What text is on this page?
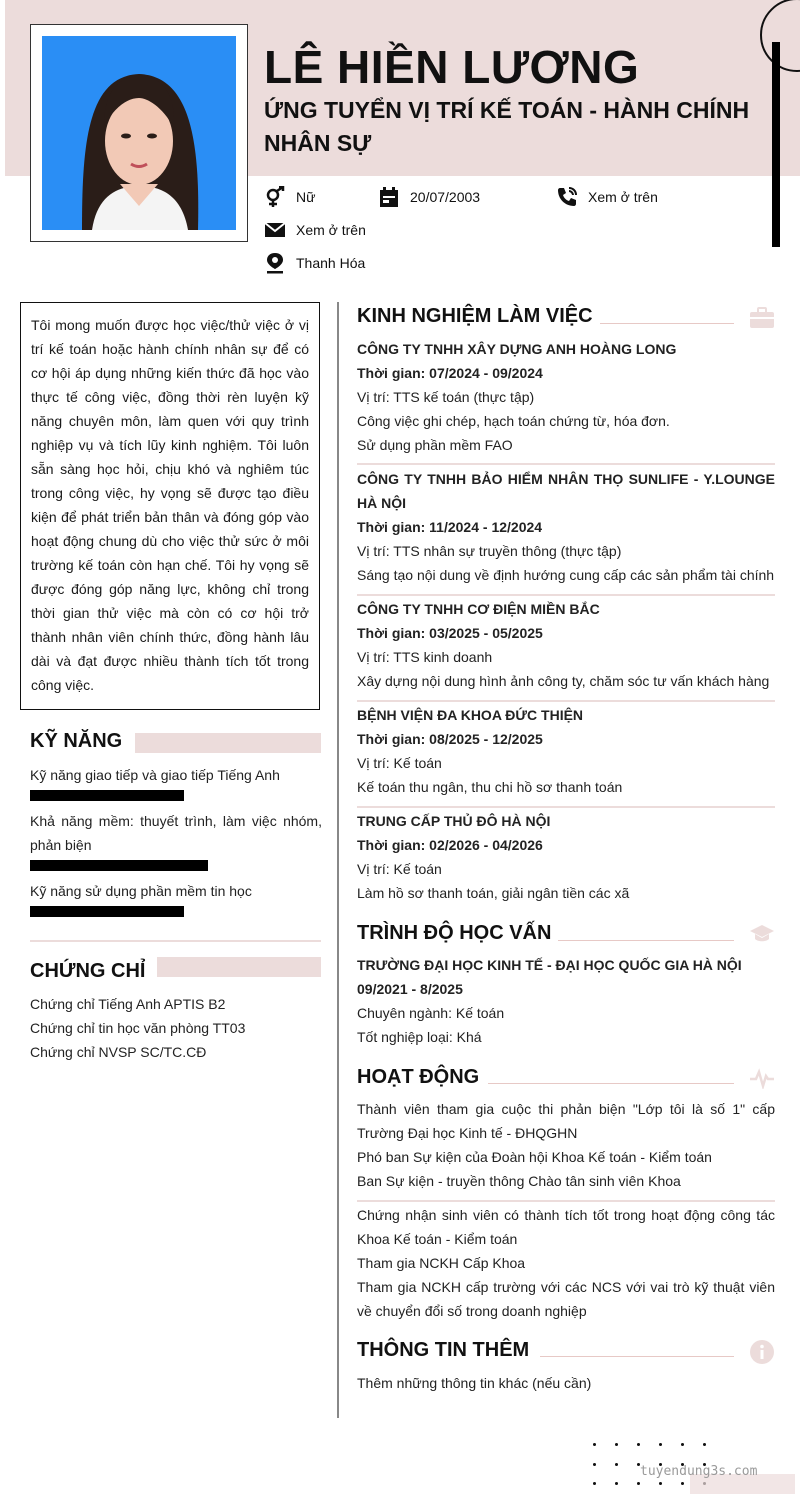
LÊ HIỀN LƯƠNG
ỨNG TUYỂN VỊ TRÍ KẾ TOÁN - HÀNH CHÍNH NHÂN SỰ
Nữ	20/07/2003	Xem ở trên
Xem ở trên
Thanh Hóa
Tôi mong muốn được học việc/thử việc ở vị trí kế toán hoặc hành chính nhân sự để có cơ hội áp dụng những kiến thức đã học vào thực tế công việc, đồng thời rèn luyện kỹ năng chuyên môn, làm quen với quy trình nghiệp vụ và tích lũy kinh nghiệm. Tôi luôn sẵn sàng học hỏi, chịu khó và nghiêm túc trong công việc, hy vọng sẽ được tạo điều kiện để phát triển bản thân và đóng góp vào hoạt động chung dù cho việc thử sức ở môi trường kế toán còn hạn chế. Tôi hy vọng sẽ được đóng góp năng lực, không chỉ trong thời gian thử việc mà còn có cơ hội trở thành nhân viên chính thức, đồng hành lâu dài và đạt được nhiều thành tích tốt trong công việc.
KỸ NĂNG
Kỹ năng giao tiếp và giao tiếp Tiếng Anh
Khả năng mềm: thuyết trình, làm việc nhóm, phản biện
Kỹ năng sử dụng phần mềm tin học
CHỨNG CHỈ
Chứng chỉ Tiếng Anh APTIS B2
Chứng chỉ tin học văn phòng TT03
Chứng chỉ NVSP SC/TC.CĐ
KINH NGHIỆM LÀM VIỆC
CÔNG TY TNHH XÂY DỰNG ANH HOÀNG LONG
Thời gian: 07/2024 - 09/2024
Vị trí: TTS kế toán (thực tập)
Công việc ghi chép, hạch toán chứng từ, hóa đơn.
Sử dụng phần mềm FAO
CÔNG TY TNHH BẢO HIỂM NHÂN THỌ SUNLIFE - Y.LOUNGE HÀ NỘI
Thời gian: 11/2024 - 12/2024
Vị trí: TTS nhân sự truyền thông (thực tập)
Sáng tạo nội dung về định hướng cung cấp các sản phẩm tài chính
CÔNG TY TNHH CƠ ĐIỆN MIỀN BẮC
Thời gian: 03/2025 - 05/2025
Vị trí: TTS kinh doanh
Xây dựng nội dung hình ảnh công ty, chăm sóc tư vấn khách hàng
BỆNH VIỆN ĐA KHOA ĐỨC THIỆN
Thời gian: 08/2025 - 12/2025
Vị trí: Kế toán
Kế toán thu ngân, thu chi hồ sơ thanh toán
TRUNG CẤP THỦ ĐÔ HÀ NỘI
Thời gian: 02/2026 - 04/2026
Vị trí: Kế toán
Làm hồ sơ thanh toán, giải ngân tiền các xã
TRÌNH ĐỘ HỌC VẤN
TRƯỜNG ĐẠI HỌC KINH TẾ - ĐẠI HỌC QUỐC GIA HÀ NỘI
09/2021 - 8/2025
Chuyên ngành: Kế toán
Tốt nghiệp loại: Khá
HOẠT ĐỘNG
Thành viên tham gia cuộc thi phản biện "Lớp tôi là số 1" cấp Trường Đại học Kinh tế - ĐHQGHN
Phó ban Sự kiện của Đoàn hội Khoa Kế toán - Kiểm toán
Ban Sự kiện - truyền thông Chào tân sinh viên Khoa
Chứng nhận sinh viên có thành tích tốt trong hoạt động công tác Khoa Kế toán - Kiểm toán
Tham gia NCKH Cấp Khoa
Tham gia NCKH cấp trường với các NCS với vai trò kỹ thuật viên về chuyển đổi số trong doanh nghiệp
THÔNG TIN THÊM
Thêm những thông tin khác (nếu cần)
tuyendung3s.com
